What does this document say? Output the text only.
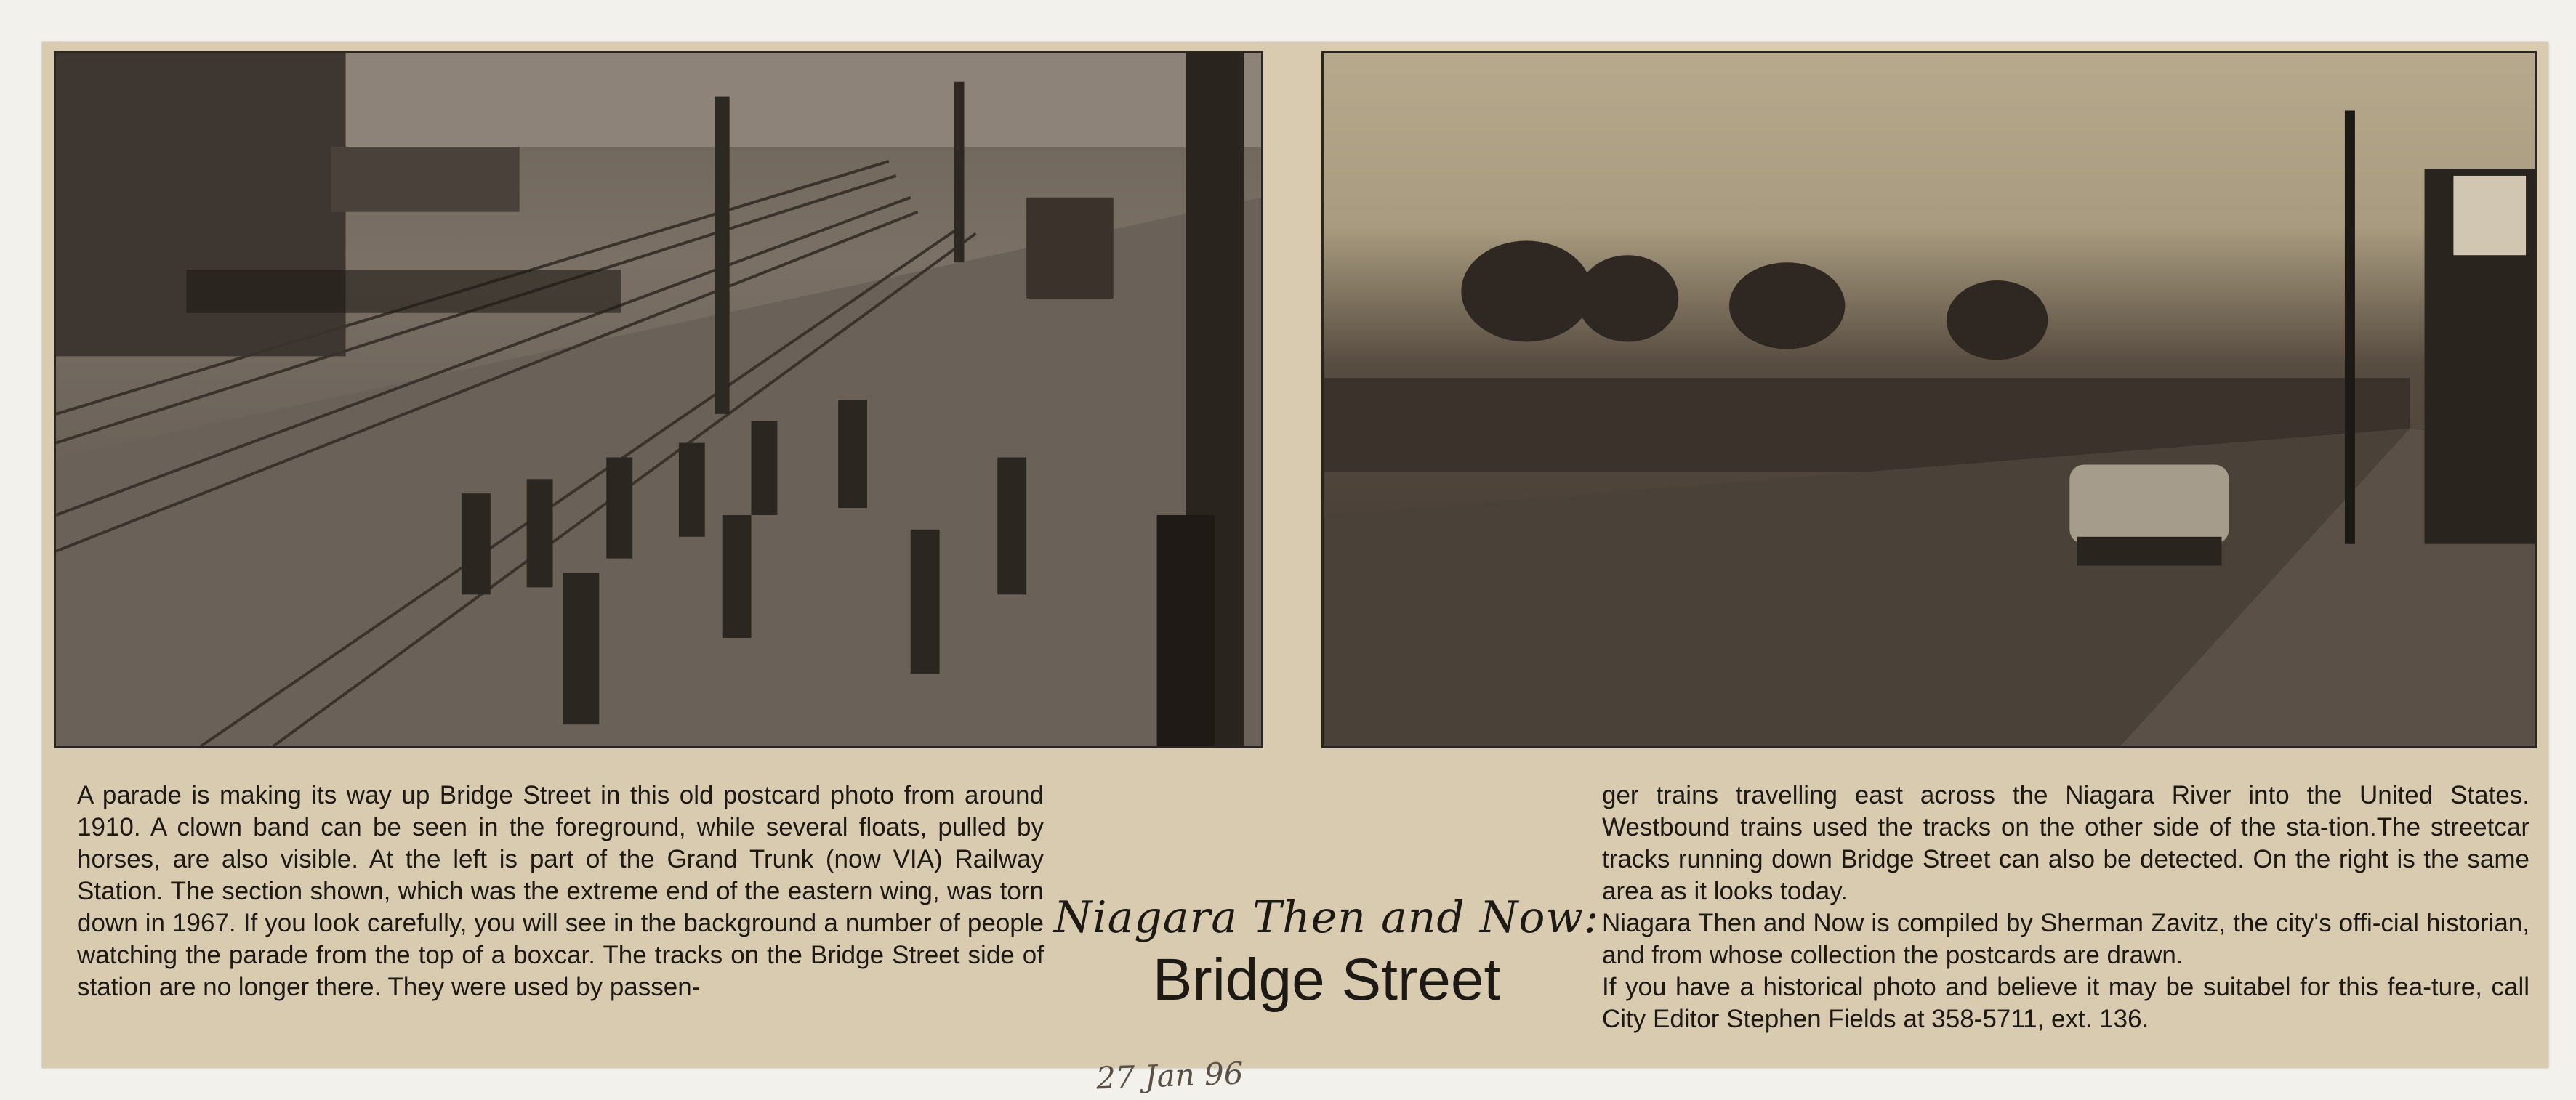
A parade is making its way up Bridge Street in this old postcard photo from around 1910. A clown band can be seen in the foreground, while several floats, pulled by horses, are also visible. At the left is part of the Grand Trunk (now VIA) Railway Station. The section shown, which was the extreme end of the eastern wing, was torn down in 1967. If you look carefully, you will see in the background a number of people watching the parade from the top of a boxcar. The tracks on the Bridge Street side of station are no longer there. They were used by passen-

Niagara Then and Now:
Bridge Street

ger trains travelling east across the Niagara River into the United States. Westbound trains used the tracks on the other side of the sta-tion.The streetcar tracks running down Bridge Street can also be detected. On the right is the same area as it looks today.

Niagara Then and Now is compiled by Sherman Zavitz, the city's offi-cial historian, and from whose collection the postcards are drawn.

If you have a historical photo and believe it may be suitabel for this fea-ture, call City Editor Stephen Fields at 358-5711, ext. 136.

27 Jan 96
